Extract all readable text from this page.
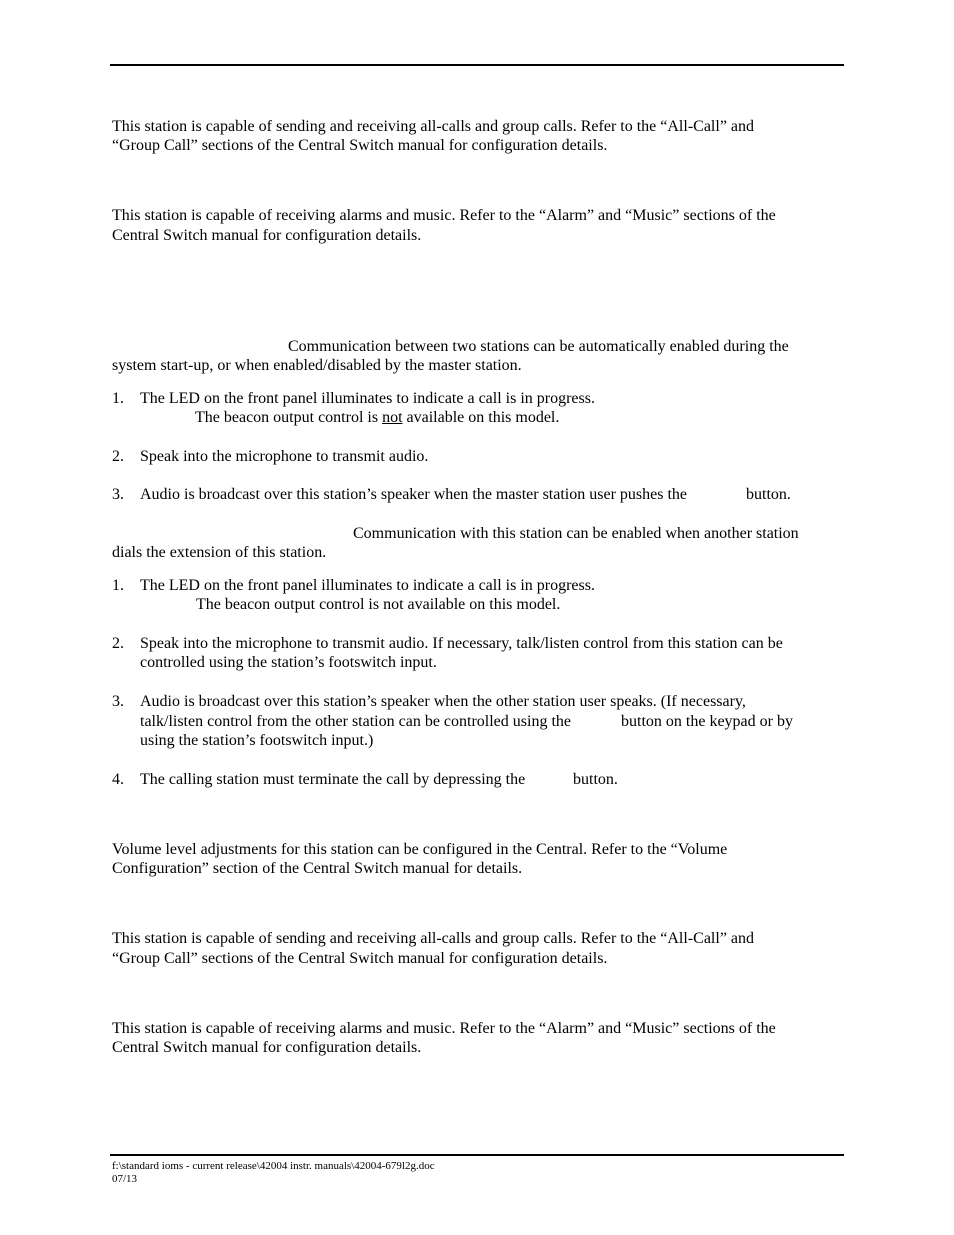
This station is capable of sending and receiving all-calls and group calls. Refer to the “All-Call” and
“Group Call” sections of the Central Switch manual for configuration details.
This station is capable of receiving alarms and music. Refer to the “Alarm” and “Music” sections of the
Central Switch manual for configuration details.
Communication between two stations can be automatically enabled during the
system start-up, or when enabled/disabled by the master station.
1. The LED on the front panel illuminates to indicate a call is in progress.
The beacon output control is not available on this model.
2. Speak into the microphone to transmit audio.
3. Audio is broadcast over this station’s speaker when the master station user pushes the	button.
Communication with this station can be enabled when another station
dials the extension of this station.
1. The LED on the front panel illuminates to indicate a call is in progress.
The beacon output control is not available on this model.
2. Speak into the microphone to transmit audio. If necessary, talk/listen control from this station can be
controlled using the station’s footswitch input.
3. Audio is broadcast over this station’s speaker when the other station user speaks. (If necessary,
talk/listen control from the other station can be controlled using the	button on the keypad or by
using the station’s footswitch input.)
4. The calling station must terminate the call by depressing the	button.
Volume level adjustments for this station can be configured in the Central. Refer to the “Volume
Configuration” section of the Central Switch manual for details.
This station is capable of sending and receiving all-calls and group calls. Refer to the “All-Call” and
“Group Call” sections of the Central Switch manual for configuration details.
This station is capable of receiving alarms and music. Refer to the “Alarm” and “Music” sections of the
Central Switch manual for configuration details.
f:\standard ioms - current release\42004 instr. manuals\42004-679l2g.doc
07/13
